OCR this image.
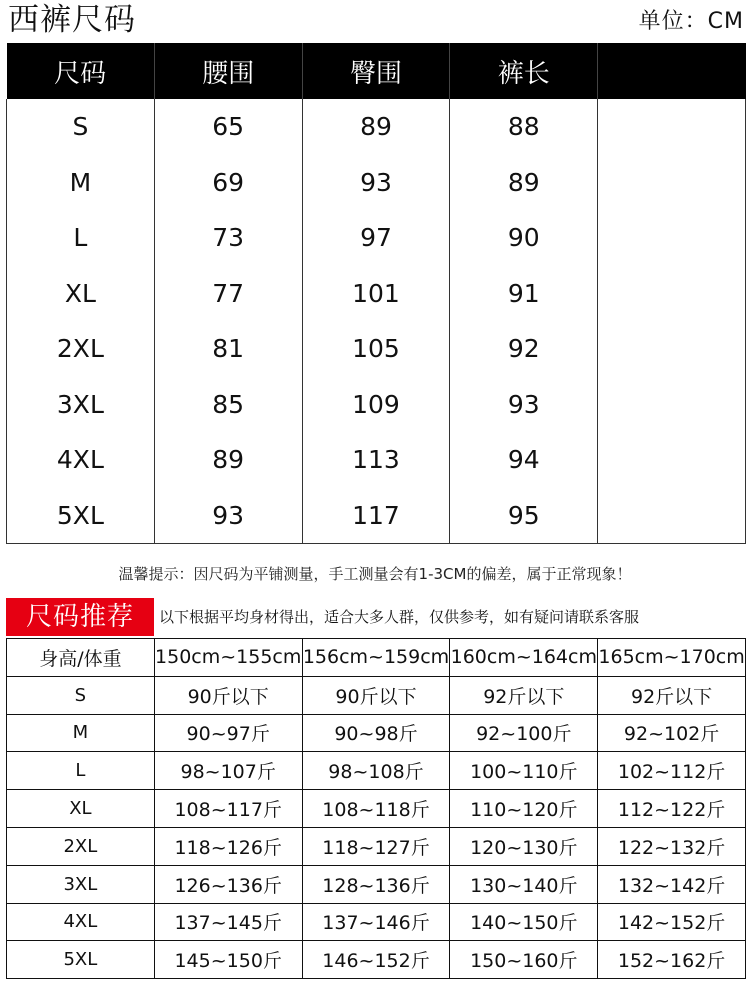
西裤尺码	单位：CM
尺码	腰围	臀围	裤长	
S	65	89	88	
M	69	93	89	
L	73	97	90	
XL	77	101	91	
2XL	81	105	92	
3XL	85	109	93	
4XL	89	113	94	
5XL	93	117	95	
温馨提示：因尺码为平铺测量，手工测量会有1-3CM的偏差，属于正常现象！
尺码推荐	以下根据平均身材得出，适合大多人群，仅供参考，如有疑问请联系客服
身高/体重	150cm~155cm	156cm~159cm	160cm~164cm	165cm~170cm
S	90斤以下	90斤以下	92斤以下	92斤以下
M	90~97斤	90~98斤	92~100斤	92~102斤
L	98~107斤	98~108斤	100~110斤	102~112斤
XL	108~117斤	108~118斤	110~120斤	112~122斤
2XL	118~126斤	118~127斤	120~130斤	122~132斤
3XL	126~136斤	128~136斤	130~140斤	132~142斤
4XL	137~145斤	137~146斤	140~150斤	142~152斤
5XL	145~150斤	146~152斤	150~160斤	152~162斤
